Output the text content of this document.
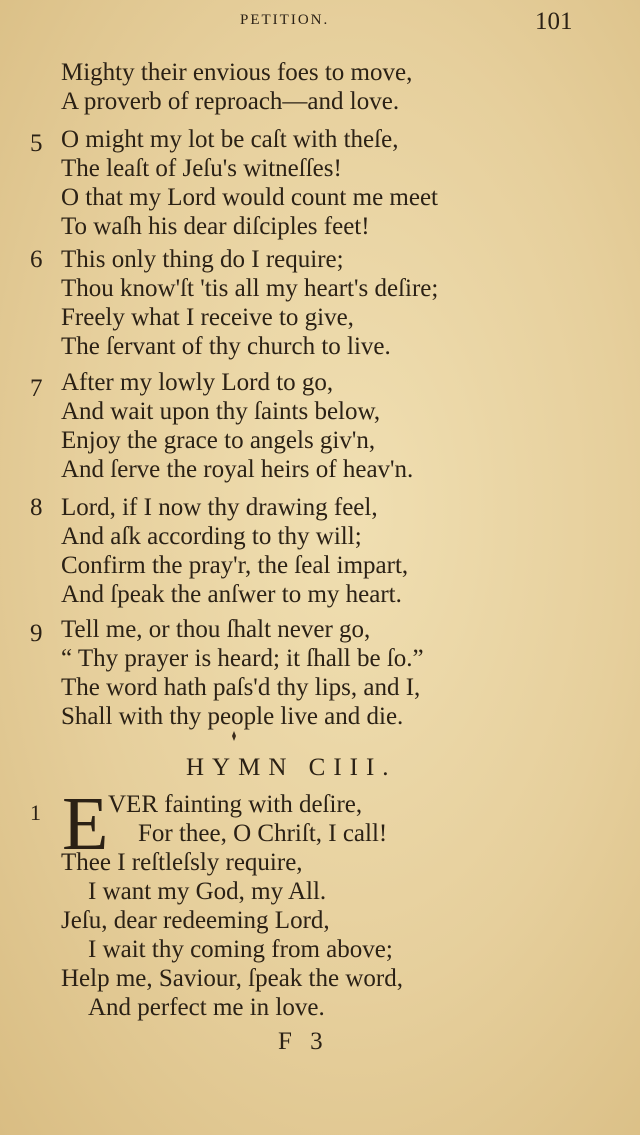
PETITION.	101
Mighty their envious foes to move,
A proverb of reproach—and love.
5 O might my lot be caſt with theſe,
The leaſt of Jeſu's witneſſes!
O that my Lord would count me meet
To waſh his dear diſciples feet!
6 This only thing do I require;
Thou know'ſt 'tis all my heart's deſire;
Freely what I receive to give,
The ſervant of thy church to live.
7 After my lowly Lord to go,
And wait upon thy ſaints below,
Enjoy the grace to angels giv'n,
And ſerve the royal heirs of heav'n.
8 Lord, if I now thy drawing feel,
And aſk according to thy will;
Confirm the pray'r, the ſeal impart,
And ſpeak the anſwer to my heart.
9 Tell me, or thou ſhalt never go,
“ Thy prayer is heard; it ſhall be ſo.”
The word hath paſs'd thy lips, and I,
Shall with thy people live and die.
HYMN CIII.
1 E VER fainting with deſire,
For thee, O Chriſt, I call!
Thee I reſtleſsly require,
I want my God, my All.
Jeſu, dear redeeming Lord,
I wait thy coming from above;
Help me, Saviour, ſpeak the word,
And perfect me in love.
F 3
